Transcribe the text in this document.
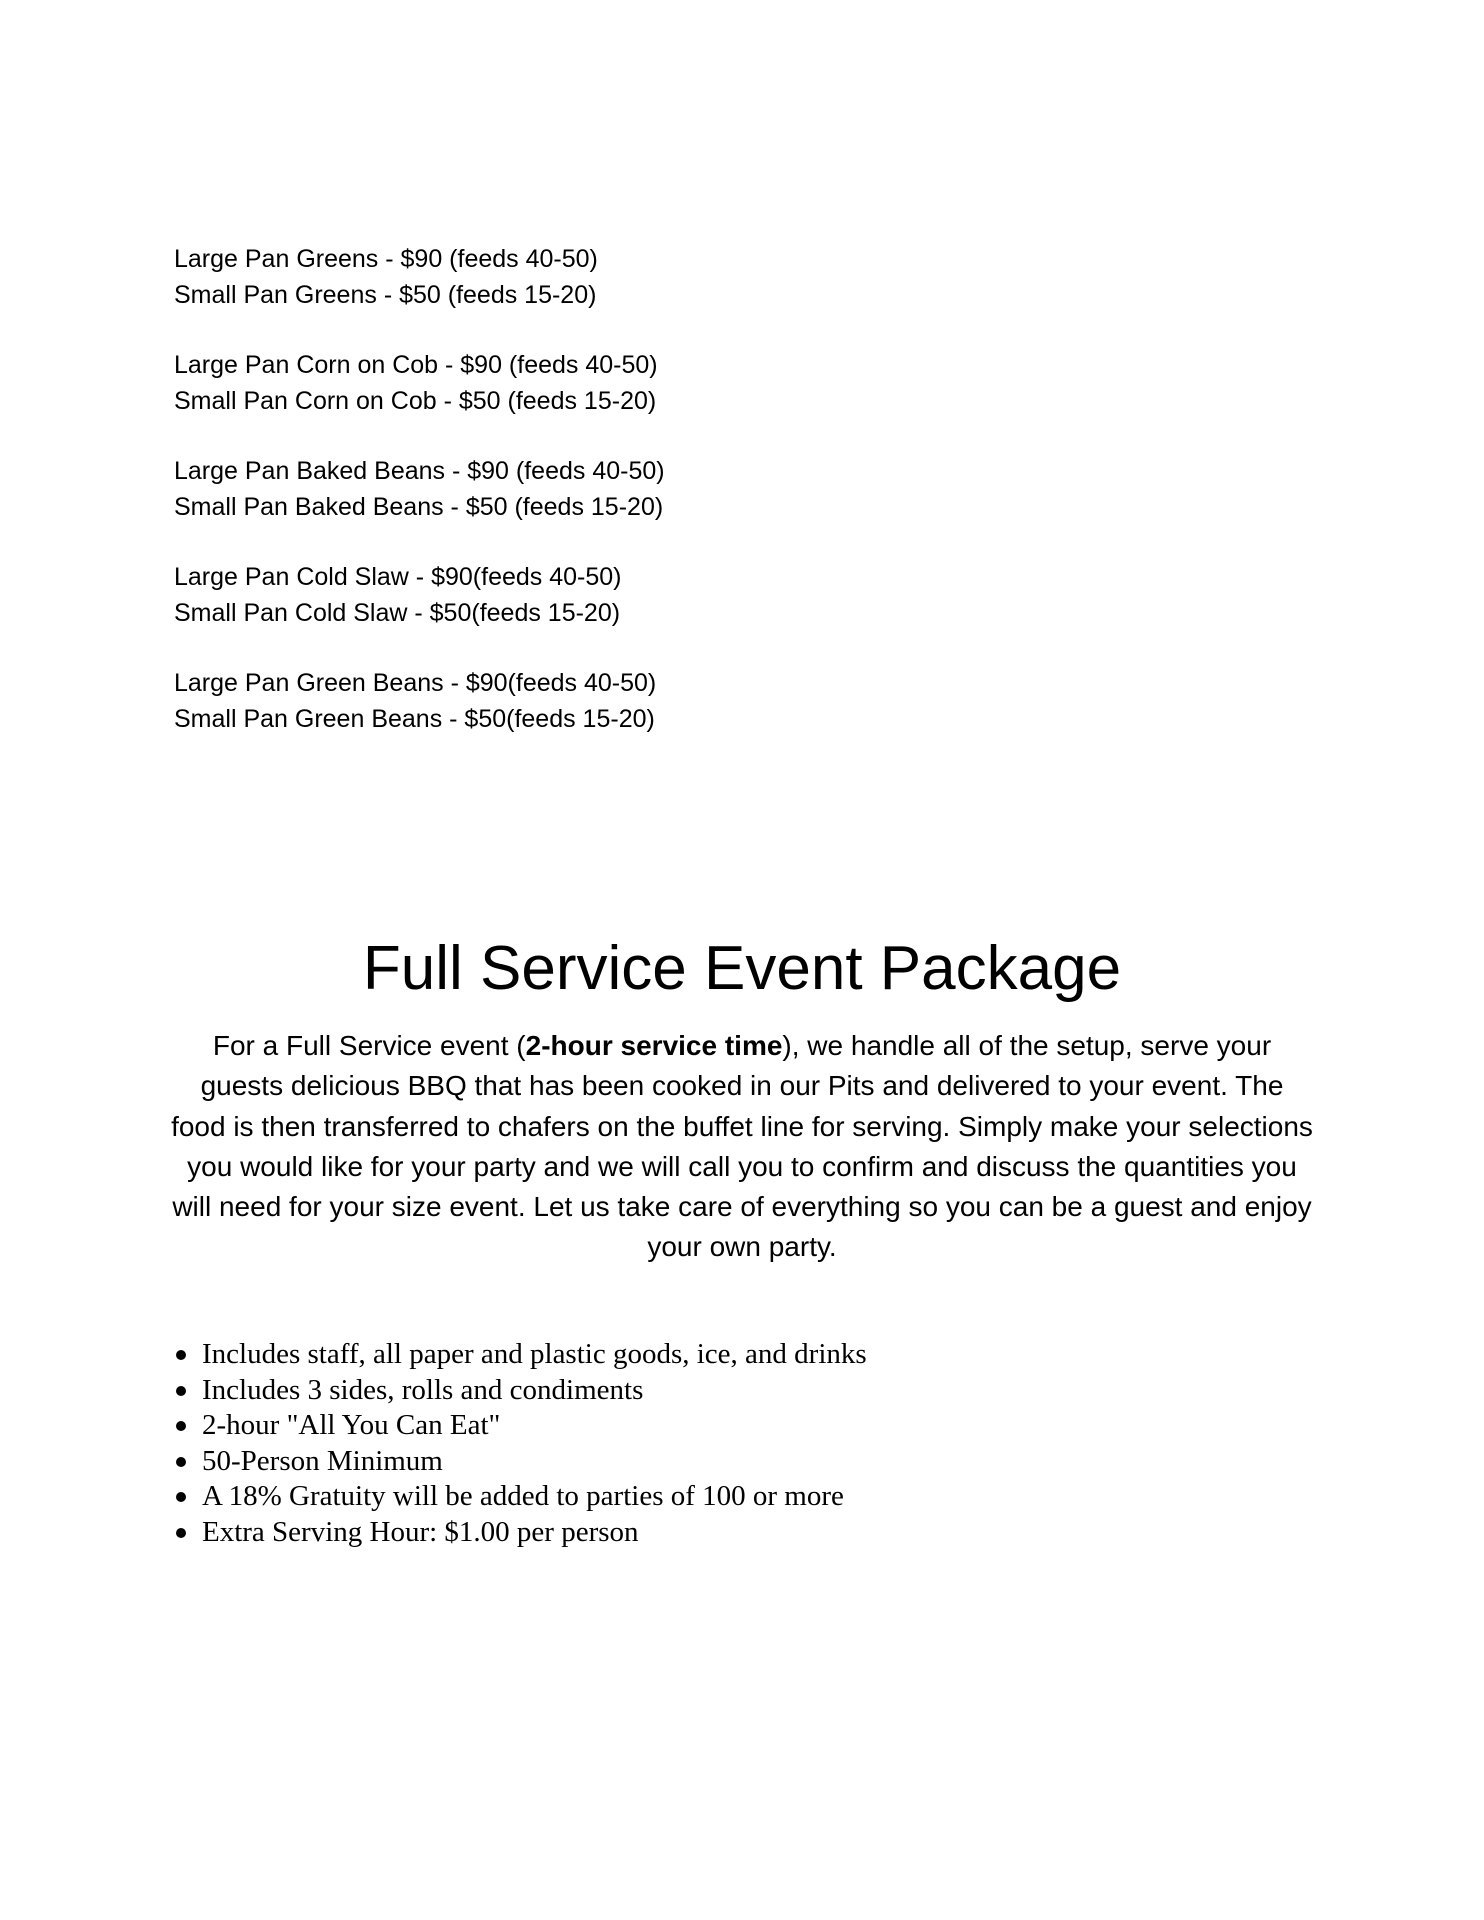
Large Pan Greens - $90 (feeds 40-50)
Small Pan Greens - $50 (feeds 15-20)
Large Pan Corn on Cob - $90 (feeds 40-50)
Small Pan Corn on Cob - $50 (feeds 15-20)
Large Pan Baked Beans - $90 (feeds 40-50)
Small Pan Baked Beans - $50 (feeds 15-20)
Large Pan Cold Slaw - $90(feeds 40-50)
Small Pan Cold Slaw - $50(feeds 15-20)
Large Pan Green Beans - $90(feeds 40-50)
Small Pan Green Beans - $50(feeds 15-20)
Full Service Event Package

For a Full Service event (2-hour service time), we handle all of the setup, serve your guests delicious BBQ that has been cooked in our Pits and delivered to your event. The food is then transferred to chafers on the buffet line for serving. Simply make your selections you would like for your party and we will call you to confirm and discuss the quantities you will need for your size event. Let us take care of everything so you can be a guest and enjoy your own party.

Includes staff, all paper and plastic goods, ice, and drinks
Includes 3 sides, rolls and condiments
2-hour "All You Can Eat"
50-Person Minimum
A 18% Gratuity will be added to parties of 100 or more
Extra Serving Hour: $1.00 per person
